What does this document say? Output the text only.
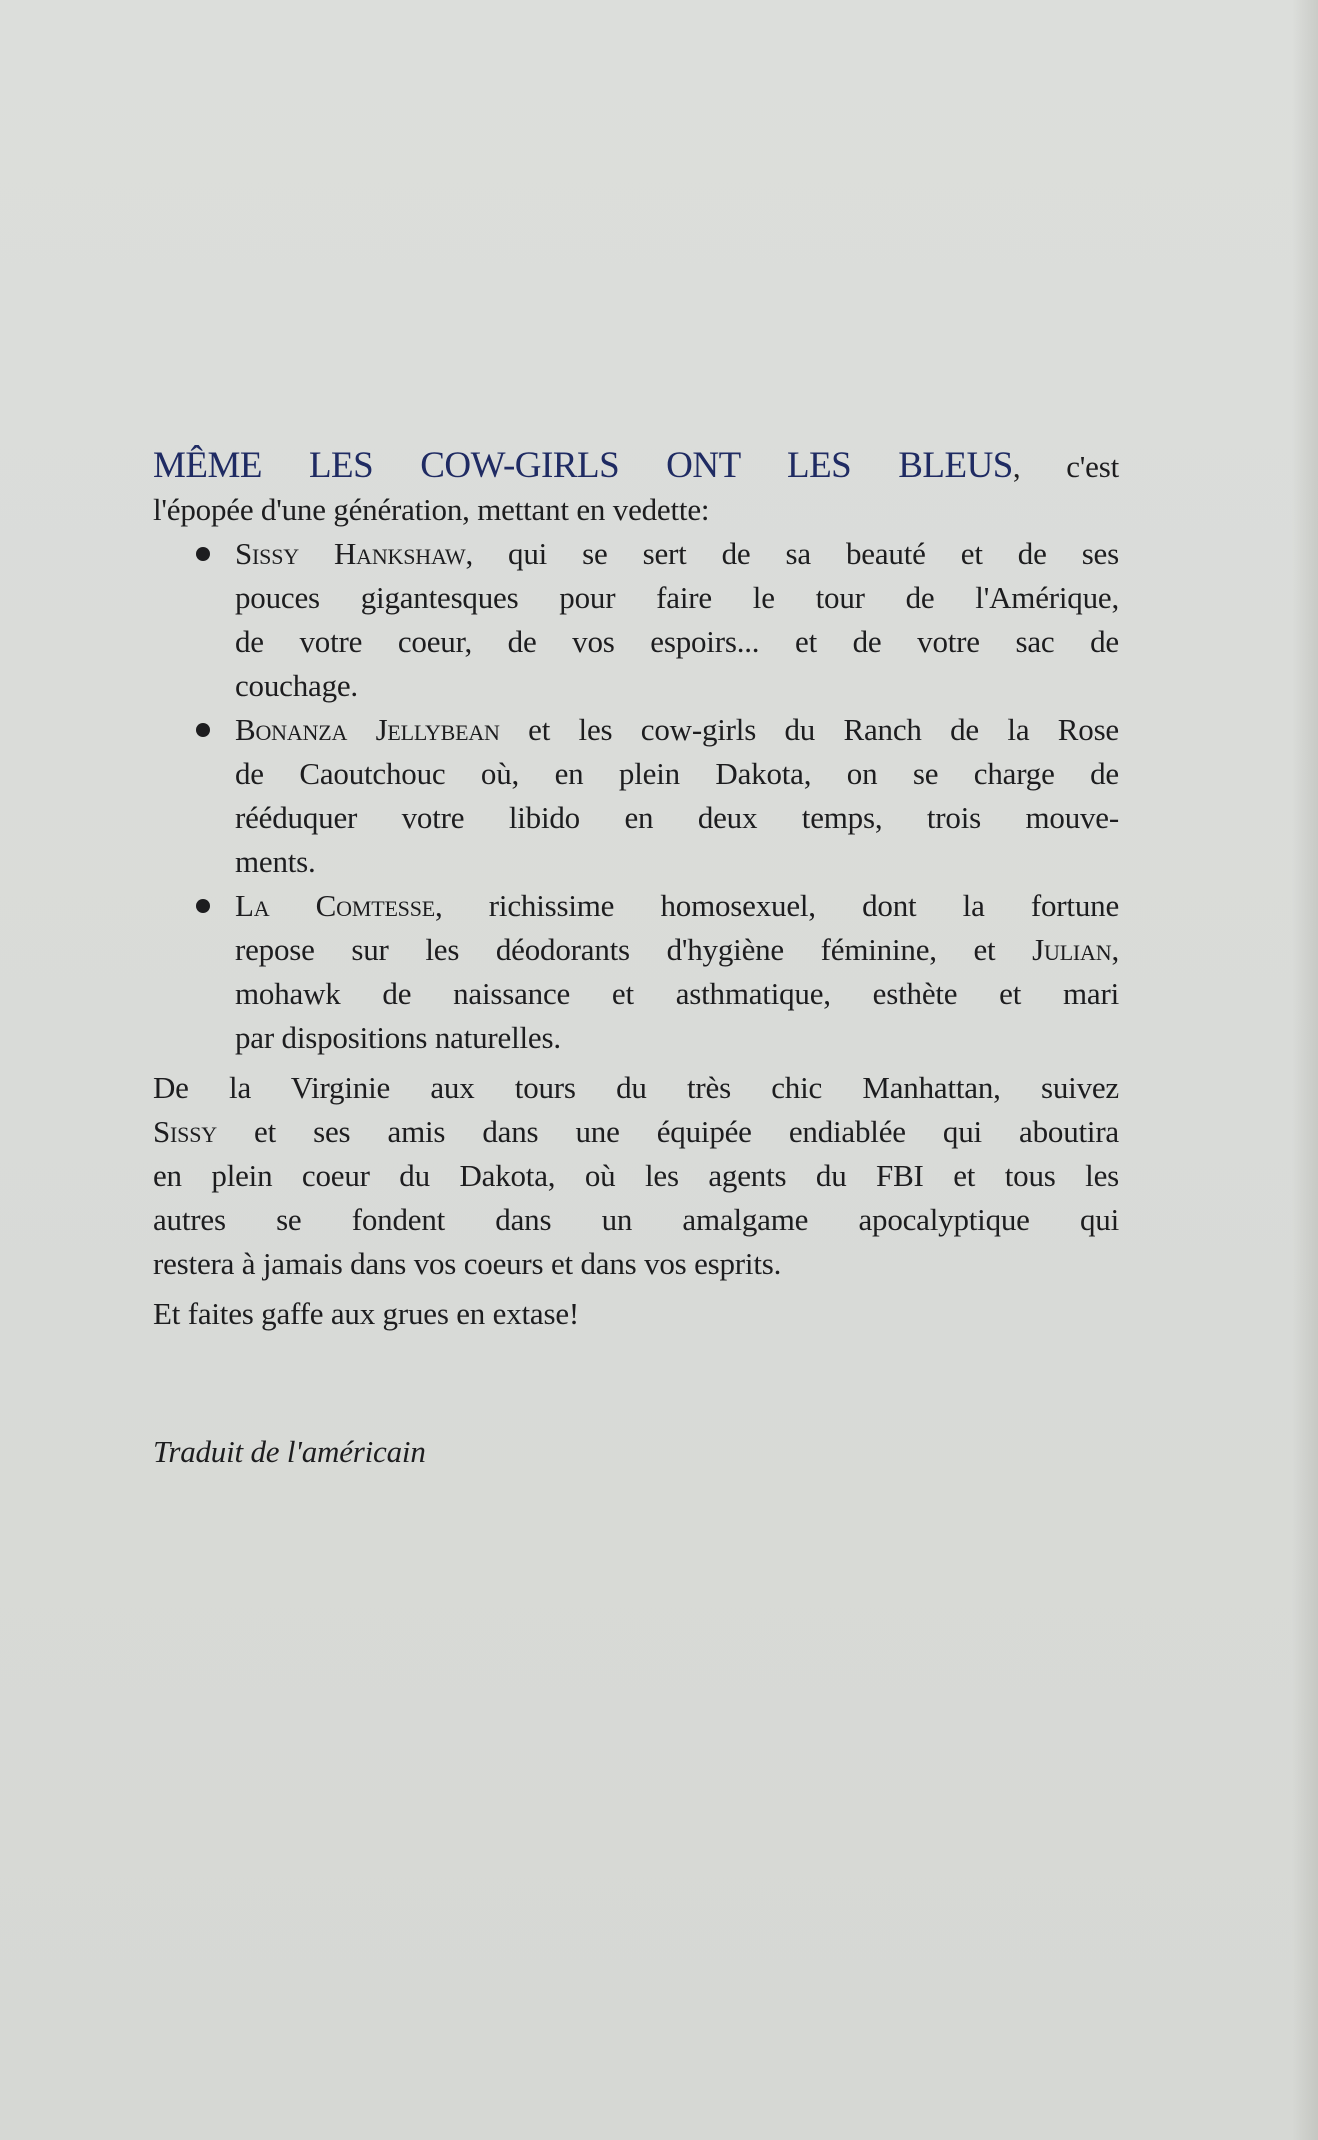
MÊME LES COW-GIRLS ONT LES BLEUS, c'est
l'épopée d'une génération, mettant en vedette:
Sissy Hankshaw, qui se sert de sa beauté et de ses
pouces gigantesques pour faire le tour de l'Amérique,
de votre coeur, de vos espoirs... et de votre sac de
couchage.
Bonanza Jellybean et les cow-girls du Ranch de la Rose
de Caoutchouc où, en plein Dakota, on se charge de
rééduquer votre libido en deux temps, trois mouve-
ments.
La Comtesse, richissime homosexuel, dont la fortune
repose sur les déodorants d'hygiène féminine, et Julian,
mohawk de naissance et asthmatique, esthète et mari
par dispositions naturelles.
De la Virginie aux tours du très chic Manhattan, suivez
Sissy et ses amis dans une équipée endiablée qui aboutira
en plein coeur du Dakota, où les agents du FBI et tous les
autres se fondent dans un amalgame apocalyptique qui
restera à jamais dans vos coeurs et dans vos esprits.
Et faites gaffe aux grues en extase!
Traduit de l'américain
